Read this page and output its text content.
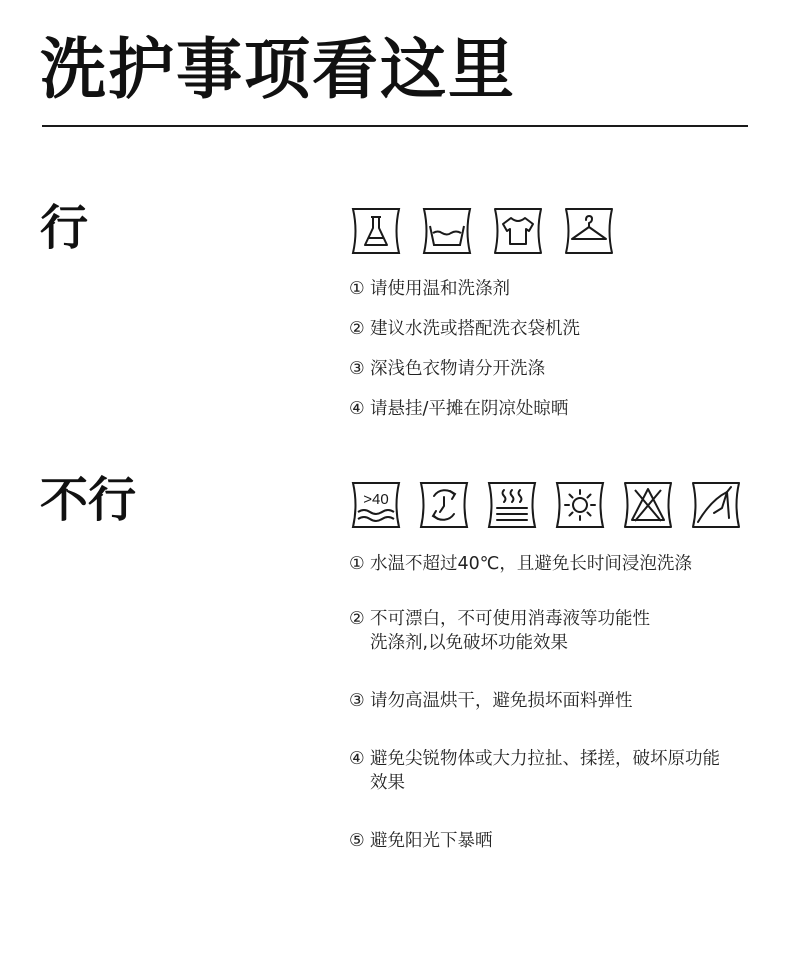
洗护事项看这里
行
① 请使用温和洗涤剂
② 建议水洗或搭配洗衣袋机洗
③ 深浅色衣物请分开洗涤
④ 请悬挂/平摊在阴凉处晾晒
不行	>40
① 水温不超过40℃，且避免长时间浸泡洗涤
② 不可漂白，不可使用消毒液等功能性
洗涤剂,以免破坏功能效果
③ 请勿高温烘干，避免损坏面料弹性
④ 避免尖锐物体或大力拉扯、揉搓，破坏原功能
效果
⑤ 避免阳光下暴晒
